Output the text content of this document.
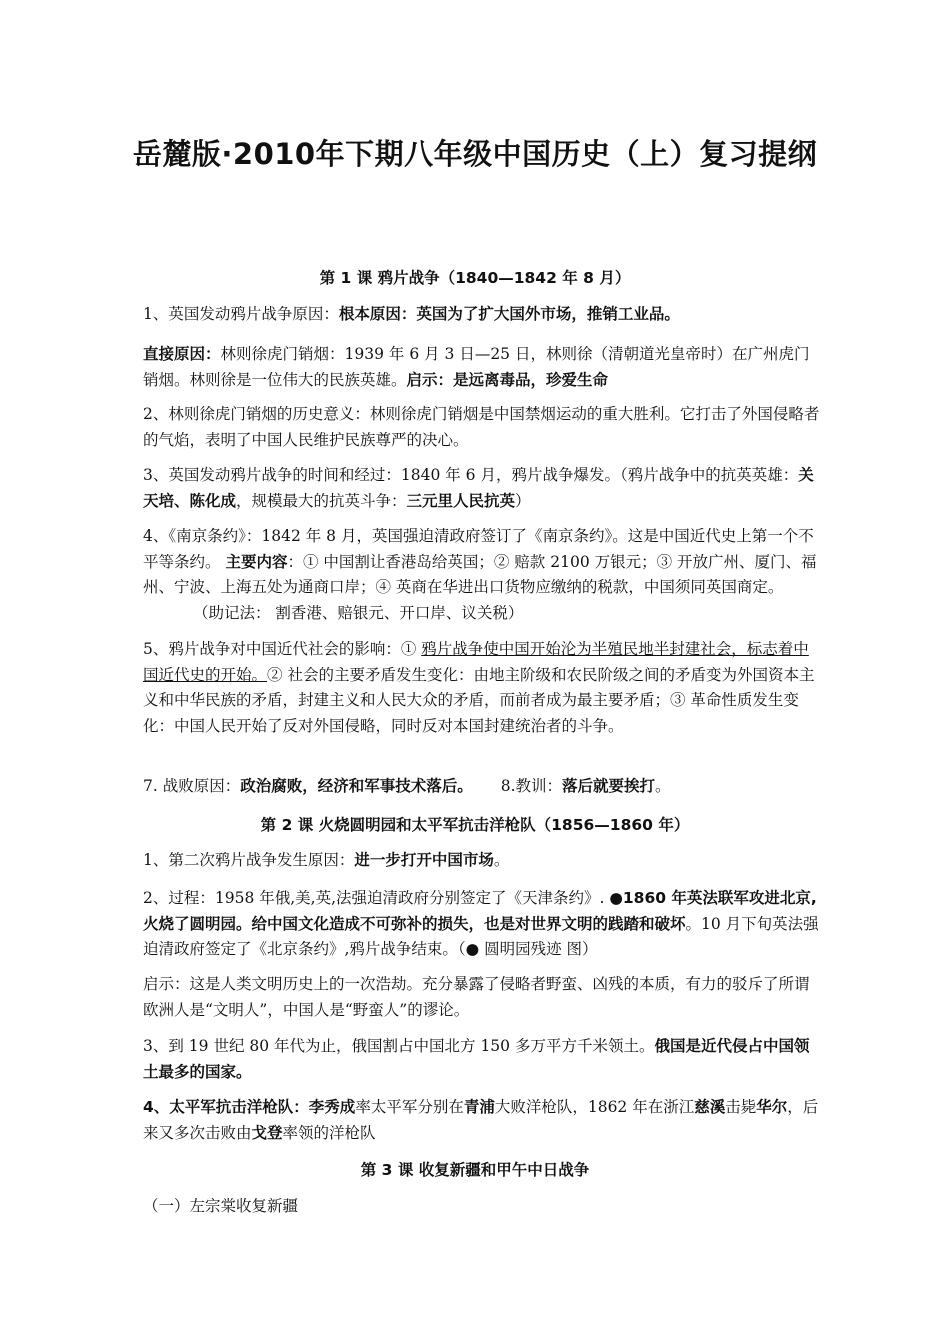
岳麓版·2010年下期八年级中国历史（上）复习提纲
第 1 课 鸦片战争（1840—1842 年 8 月）

1、英国发动鸦片战争原因：根本原因：英国为了扩大国外市场，推销工业品。

直接原因：林则徐虎门销烟：1939 年 6 月 3 日—25 日，林则徐（清朝道光皇帝时）在广州虎门销烟。林则徐是一位伟大的民族英雄。启示：是远离毒品，珍爱生命

2、林则徐虎门销烟的历史意义：林则徐虎门销烟是中国禁烟运动的重大胜利。它打击了外国侵略者的气焰，表明了中国人民维护民族尊严的决心。

3、英国发动鸦片战争的时间和经过：1840 年 6 月，鸦片战争爆发。（鸦片战争中的抗英英雄：关天培、陈化成，规模最大的抗英斗争：三元里人民抗英）

4、《南京条约》：1842 年 8 月，英国强迫清政府签订了《南京条约》。这是中国近代史上第一个不平等条约。 主要内容：① 中国割让香港岛给英国；② 赔款 2100 万银元；③ 开放广州、厦门、福州、宁波、上海五处为通商口岸；④ 英商在华进出口货物应缴纳的税款，中国须同英国商定。（助记法： 割香港、赔银元、开口岸、议关税）

5、鸦片战争对中国近代社会的影响：① 鸦片战争使中国开始沦为半殖民地半封建社会，标志着中国近代史的开始。② 社会的主要矛盾发生变化：由地主阶级和农民阶级之间的矛盾变为外国资本主义和中华民族的矛盾，封建主义和人民大众的矛盾，而前者成为最主要矛盾；③ 革命性质发生变化：中国人民开始了反对外国侵略，同时反对本国封建统治者的斗争。

7. 战败原因：政治腐败，经济和军事技术落后。 8.教训：落后就要挨打。

第 2 课 火烧圆明园和太平军抗击洋枪队（1856—1860 年）

1、第二次鸦片战争发生原因：进一步打开中国市场。

2、过程：1958 年俄,美,英,法强迫清政府分别签定了《天津条约》. ●1860 年英法联军攻进北京,火烧了圆明园。给中国文化造成不可弥补的损失，也是对世界文明的践踏和破坏。10 月下旬英法强迫清政府签定了《北京条约》,鸦片战争结束。（● 圆明园残迹 图）

启示：这是人类文明历史上的一次浩劫。充分暴露了侵略者野蛮、凶残的本质，有力的驳斥了所谓欧洲人是“文明人”，中国人是“野蛮人”的谬论。

3、到 19 世纪 80 年代为止，俄国割占中国北方 150 多万平方千米领土。俄国是近代侵占中国领土最多的国家。

4、太平军抗击洋枪队：李秀成率太平军分别在青浦大败洋枪队，1862 年在浙江慈溪击毙华尔，后来又多次击败由戈登率领的洋枪队

第 3 课 收复新疆和甲午中日战争

（一）左宗棠收复新疆
